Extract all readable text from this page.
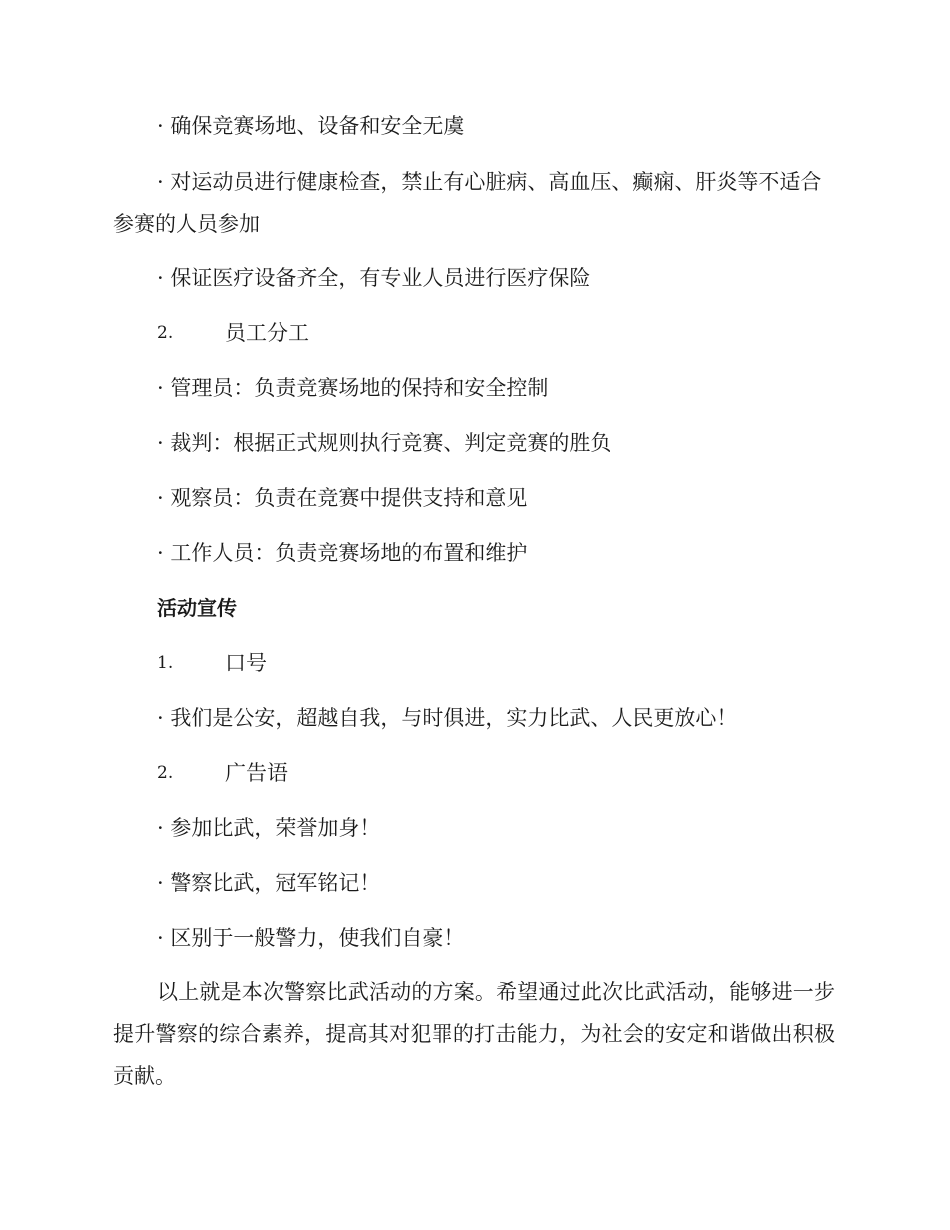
· 确保竞赛场地、设备和安全无虞
· 对运动员进行健康检查，禁止有心脏病、高血压、癫痫、肝炎等不适合参赛的人员参加
· 保证医疗设备齐全，有专业人员进行医疗保险
2.	员工分工
· 管理员：负责竞赛场地的保持和安全控制
· 裁判：根据正式规则执行竞赛、判定竞赛的胜负
· 观察员：负责在竞赛中提供支持和意见
· 工作人员：负责竞赛场地的布置和维护
活动宣传
1.	口号
· 我们是公安，超越自我，与时俱进，实力比武、人民更放心！
2.	广告语
· 参加比武，荣誉加身！
· 警察比武，冠军铭记！
· 区别于一般警力，使我们自豪！
以上就是本次警察比武活动的方案。希望通过此次比武活动，能够进一步提升警察的综合素养，提高其对犯罪的打击能力，为社会的安定和谐做出积极贡献。
